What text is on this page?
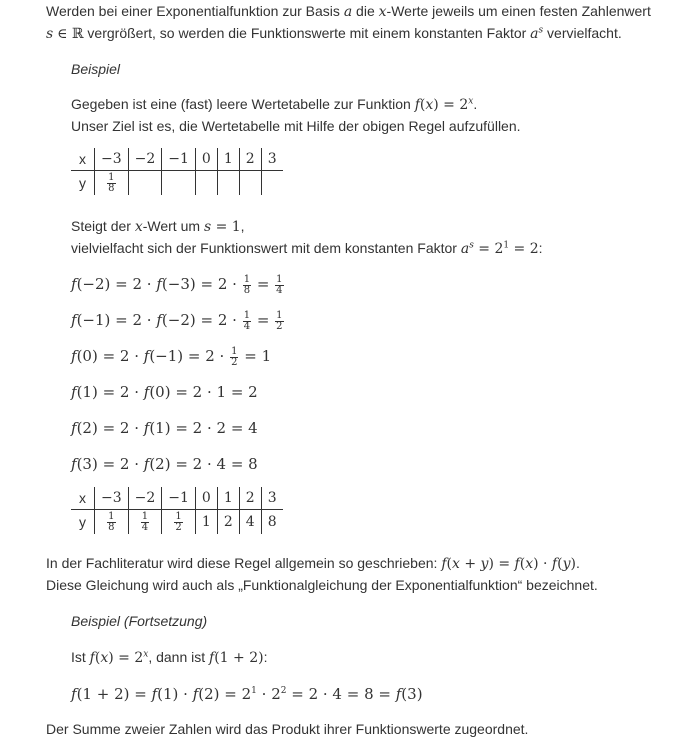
Werden bei einer Exponentialfunktion zur Basis a die x-Werte jeweils um einen festen Zahlenwert

s ∈ ℝ vergrößert, so werden die Funktionswerte mit einem konstanten Faktor $a^s$ vervielfacht.

Beispiel

Gegeben ist eine (fast) leere Wertetabelle zur Funktion $f(x) = 2^x$.

Unser Ziel ist es, die Wertetabelle mit Hilfe der obigen Regel aufzufüllen.

x	−3	−2	−1	0	1	2	3
y	$\frac{1}{8}$

Steigt der x-Wert um s = 1,

vielvielfacht sich der Funktionswert mit dem konstanten Faktor $a^s = 2^1 = 2$:

$f(-2) = 2 \cdot f(-3) = 2 \cdot \frac{1}{8} = \frac{1}{4}$
$f(-1) = 2 \cdot f(-2) = 2 \cdot \frac{1}{4} = \frac{1}{2}$
$f(0) = 2 \cdot f(-1) = 2 \cdot \frac{1}{2} = 1$
f(1) = 2 · f(0) = 2 · 1 = 2
f(2) = 2 · f(1) = 2 · 2 = 4
f(3) = 2 · f(2) = 2 · 4 = 8
x	−3	−2	−1	0	1	2	3
y	$\frac{1}{8}$	$\frac{1}{4}$	$\frac{1}{2}$	1	2	4	8

In der Fachliteratur wird diese Regel allgemein so geschrieben: f(x + y) = f(x) · f(y).

Diese Gleichung wird auch als „Funktionalgleichung der Exponentialfunktion“ bezeichnet.

Beispiel (Fortsetzung)

Ist $f(x) = 2^x$, dann ist f(1 + 2):

$f(1 + 2) = f(1) \cdot f(2) = 2^1 \cdot 2^2 = 2 \cdot 4 = 8 = f(3)$

Der Summe zweier Zahlen wird das Produkt ihrer Funktionswerte zugeordnet.
